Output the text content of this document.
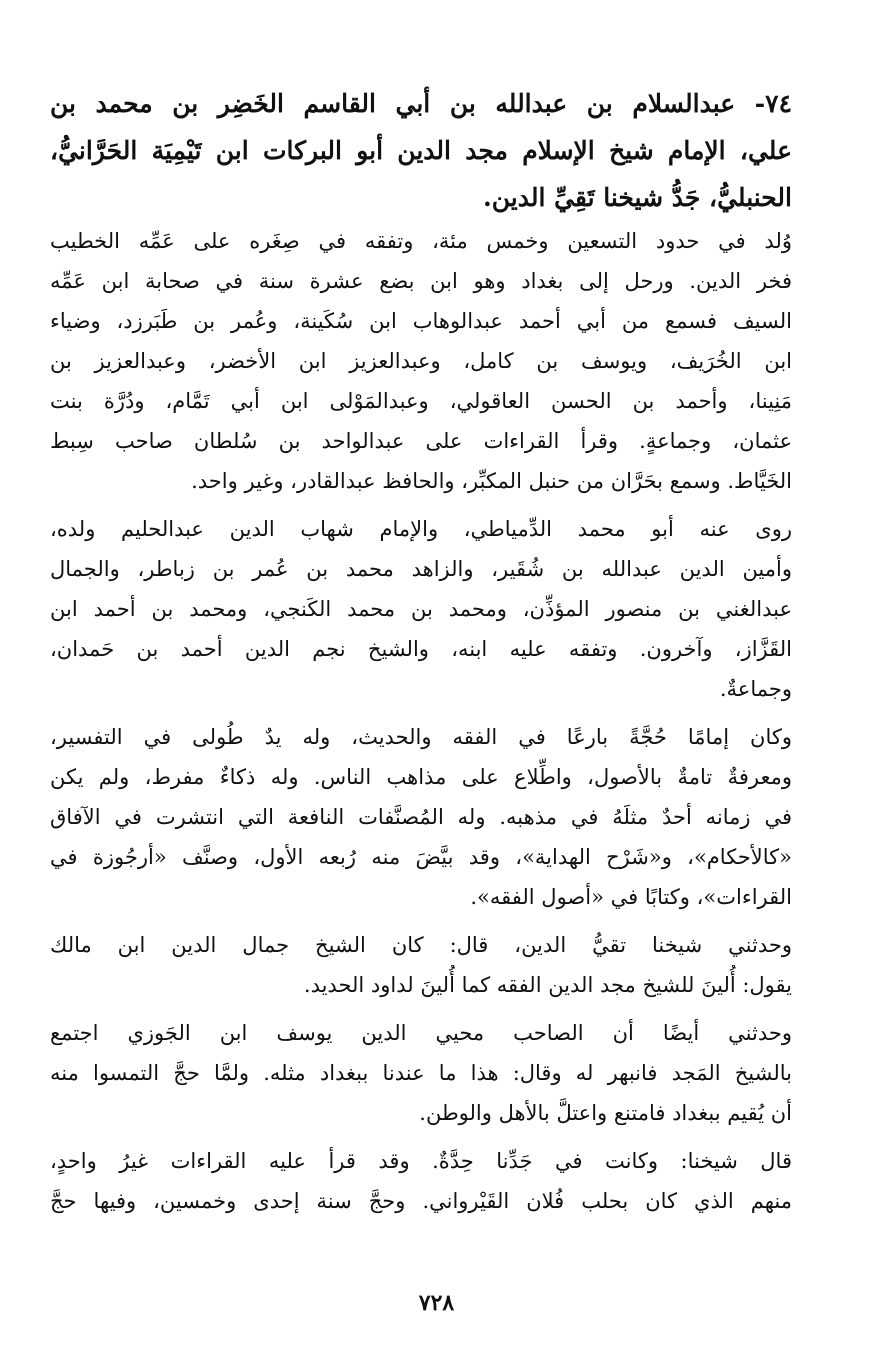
٧٤- عبدالسلام بن عبدالله بن أبي القاسم الخَضِر بن محمد بن
علي، الإمام شيخ الإسلام مجد الدين أبو البركات ابن تَيْمِيَة الحَرَّانيُّ،
الحنبليُّ، جَدُّ شيخنا تَقِيِّ الدين.
وُلد في حدود التسعين وخمس مئة، وتفقه في صِغَره على عَمِّه الخطيب
فخر الدين. ورحل إلى بغداد وهو ابن بضع عشرة سنة في صحابة ابن عَمِّه
السيف فسمع من أبي أحمد عبدالوهاب ابن سُكَينة، وعُمر بن طَبَرزد، وضياء
ابن الخُرَيف، ويوسف بن كامل، وعبدالعزيز ابن الأخضر، وعبدالعزيز بن
مَنِينا، وأحمد بن الحسن العاقولي، وعبدالمَوْلى ابن أبي تَمَّام، ودُرَّة بنت
عثمان، وجماعةٍ. وقرأ القراءات على عبدالواحد بن سُلطان صاحب سِبط
الخَيَّاط. وسمع بحَرَّان من حنبل المكبِّر، والحافظ عبدالقادر، وغير واحد.
روى عنه أبو محمد الدِّمياطي، والإمام شهاب الدين عبدالحليم ولده،
وأمين الدين عبدالله بن شُقَير، والزاهد محمد بن عُمر بن زباطر، والجمال
عبدالغني بن منصور المؤذِّن، ومحمد بن محمد الكَنجي، ومحمد بن أحمد ابن
القَزَّاز، وآخرون. وتفقه عليه ابنه، والشيخ نجم الدين أحمد بن حَمدان،
وجماعةٌ.
وكان إمامًا حُجَّةً بارعًا في الفقه والحديث، وله يدٌ طُولى في التفسير،
ومعرفةٌ تامةٌ بالأصول، واطِّلاع على مذاهب الناس. وله ذكاءٌ مفرط، ولم يكن
في زمانه أحدٌ مثلَهُ في مذهبه. وله المُصنَّفات النافعة التي انتشرت في الآفاق
«كالأحكام»، و«شَرْح الهداية»، وقد بيَّضَ منه رُبعه الأول، وصنَّف «أرجُوزة في
القراءات»، وكتابًا في «أصول الفقه».
وحدثني شيخنا تقيُّ الدين، قال: كان الشيخ جمال الدين ابن مالك
يقول: أُلينَ للشيخ مجد الدين الفقه كما أُلينَ لداود الحديد.
وحدثني أيضًا أن الصاحب محيي الدين يوسف ابن الجَوزي اجتمع
بالشيخ المَجد فانبهر له وقال: هذا ما عندنا ببغداد مثله. ولمَّا حجَّ التمسوا منه
أن يُقيم ببغداد فامتنع واعتلَّ بالأهل والوطن.
قال شيخنا: وكانت في جَدِّنا حِدَّةٌ. وقد قرأ عليه القراءات غيرُ واحدٍ،
منهم الذي كان بحلب فُلان القَيْرواني. وحجَّ سنة إحدى وخمسين، وفيها حجَّ
٧٢٨
